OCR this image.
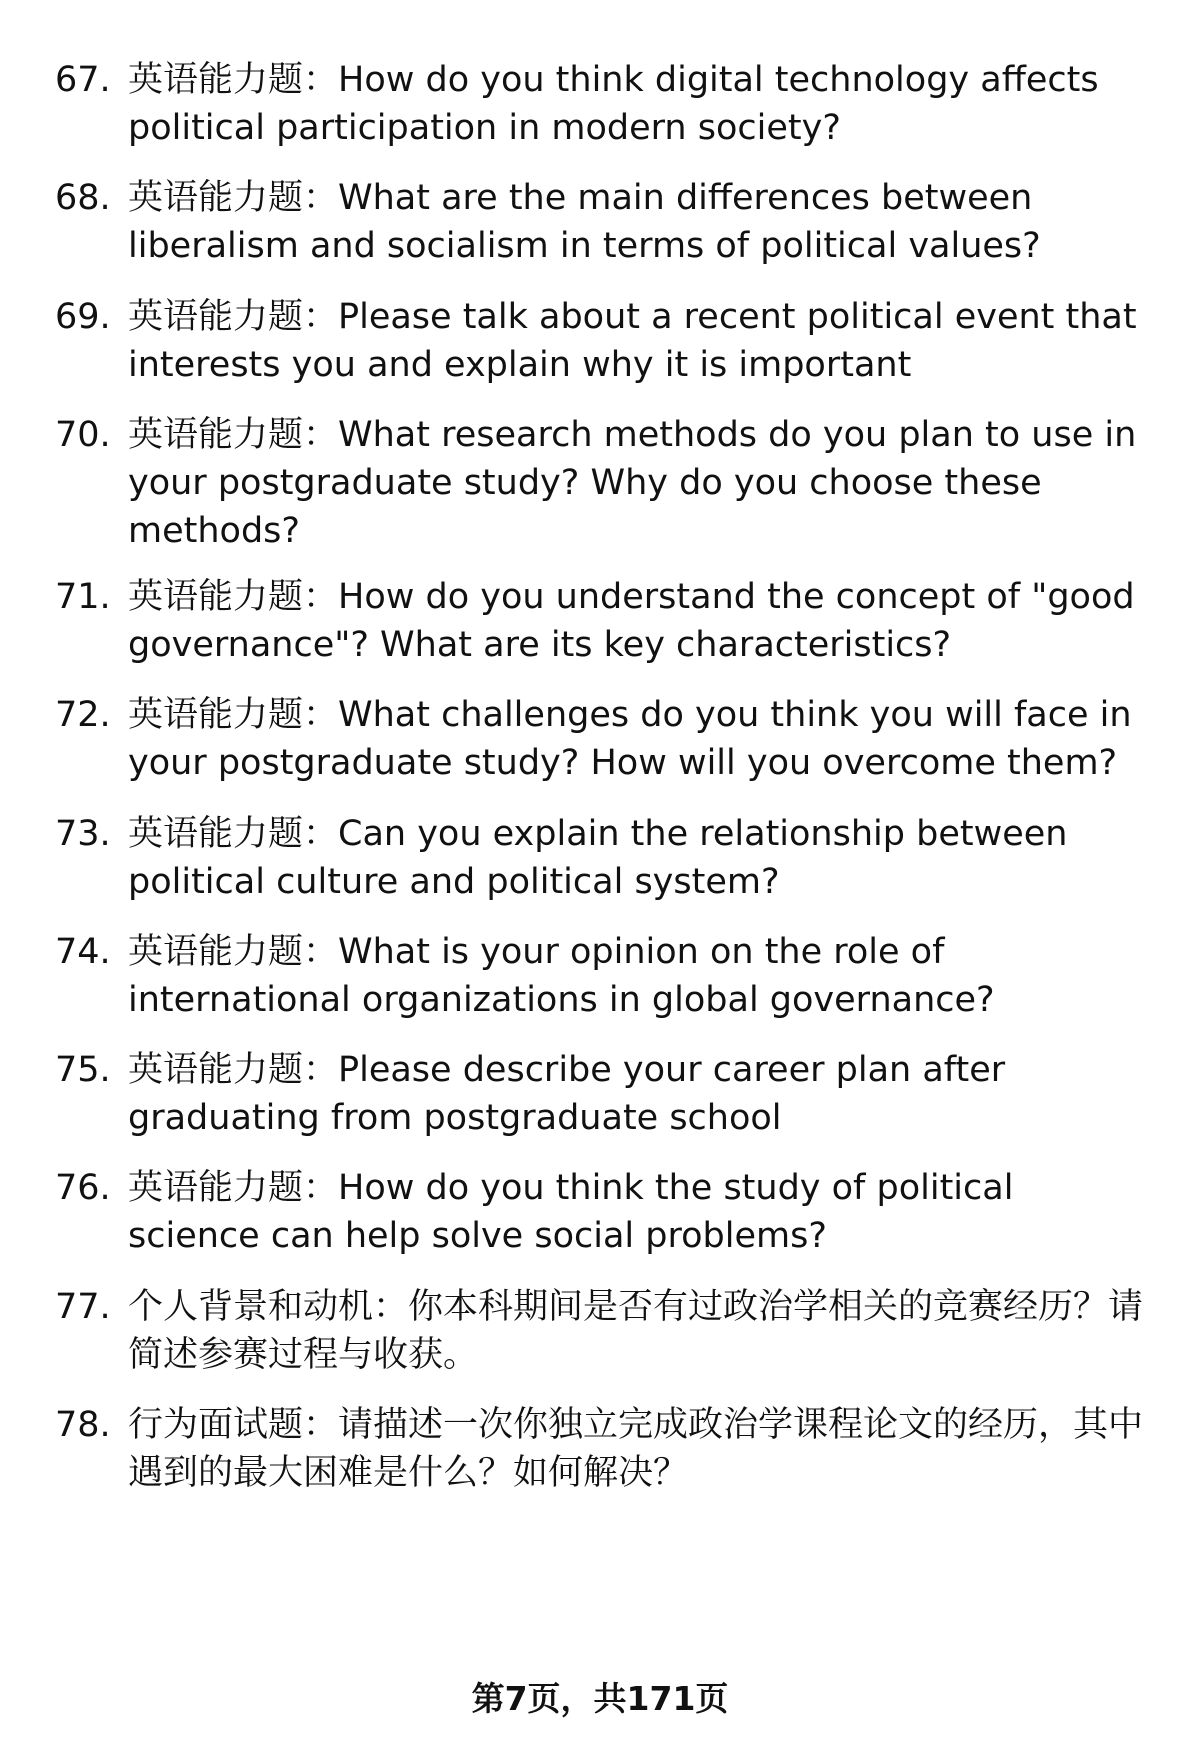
67. 英语能力题：How do you think digital technology affects political participation in modern society?
68. 英语能力题：What are the main differences between liberalism and socialism in terms of political values?
69. 英语能力题：Please talk about a recent political event that interests you and explain why it is important
70. 英语能力题：What research methods do you plan to use in your postgraduate study? Why do you choose these methods?
71. 英语能力题：How do you understand the concept of "good governance"? What are its key characteristics?
72. 英语能力题：What challenges do you think you will face in your postgraduate study? How will you overcome them?
73. 英语能力题：Can you explain the relationship between political culture and political system?
74. 英语能力题：What is your opinion on the role of international organizations in global governance?
75. 英语能力题：Please describe your career plan after graduating from postgraduate school
76. 英语能力题：How do you think the study of political science can help solve social problems?
77. 个人背景和动机：你本科期间是否有过政治学相关的竞赛经历？请简述参赛过程与收获。
78. 行为面试题：请描述一次你独立完成政治学课程论文的经历，其中遇到的最大困难是什么？如何解决？
第7页，共171页
